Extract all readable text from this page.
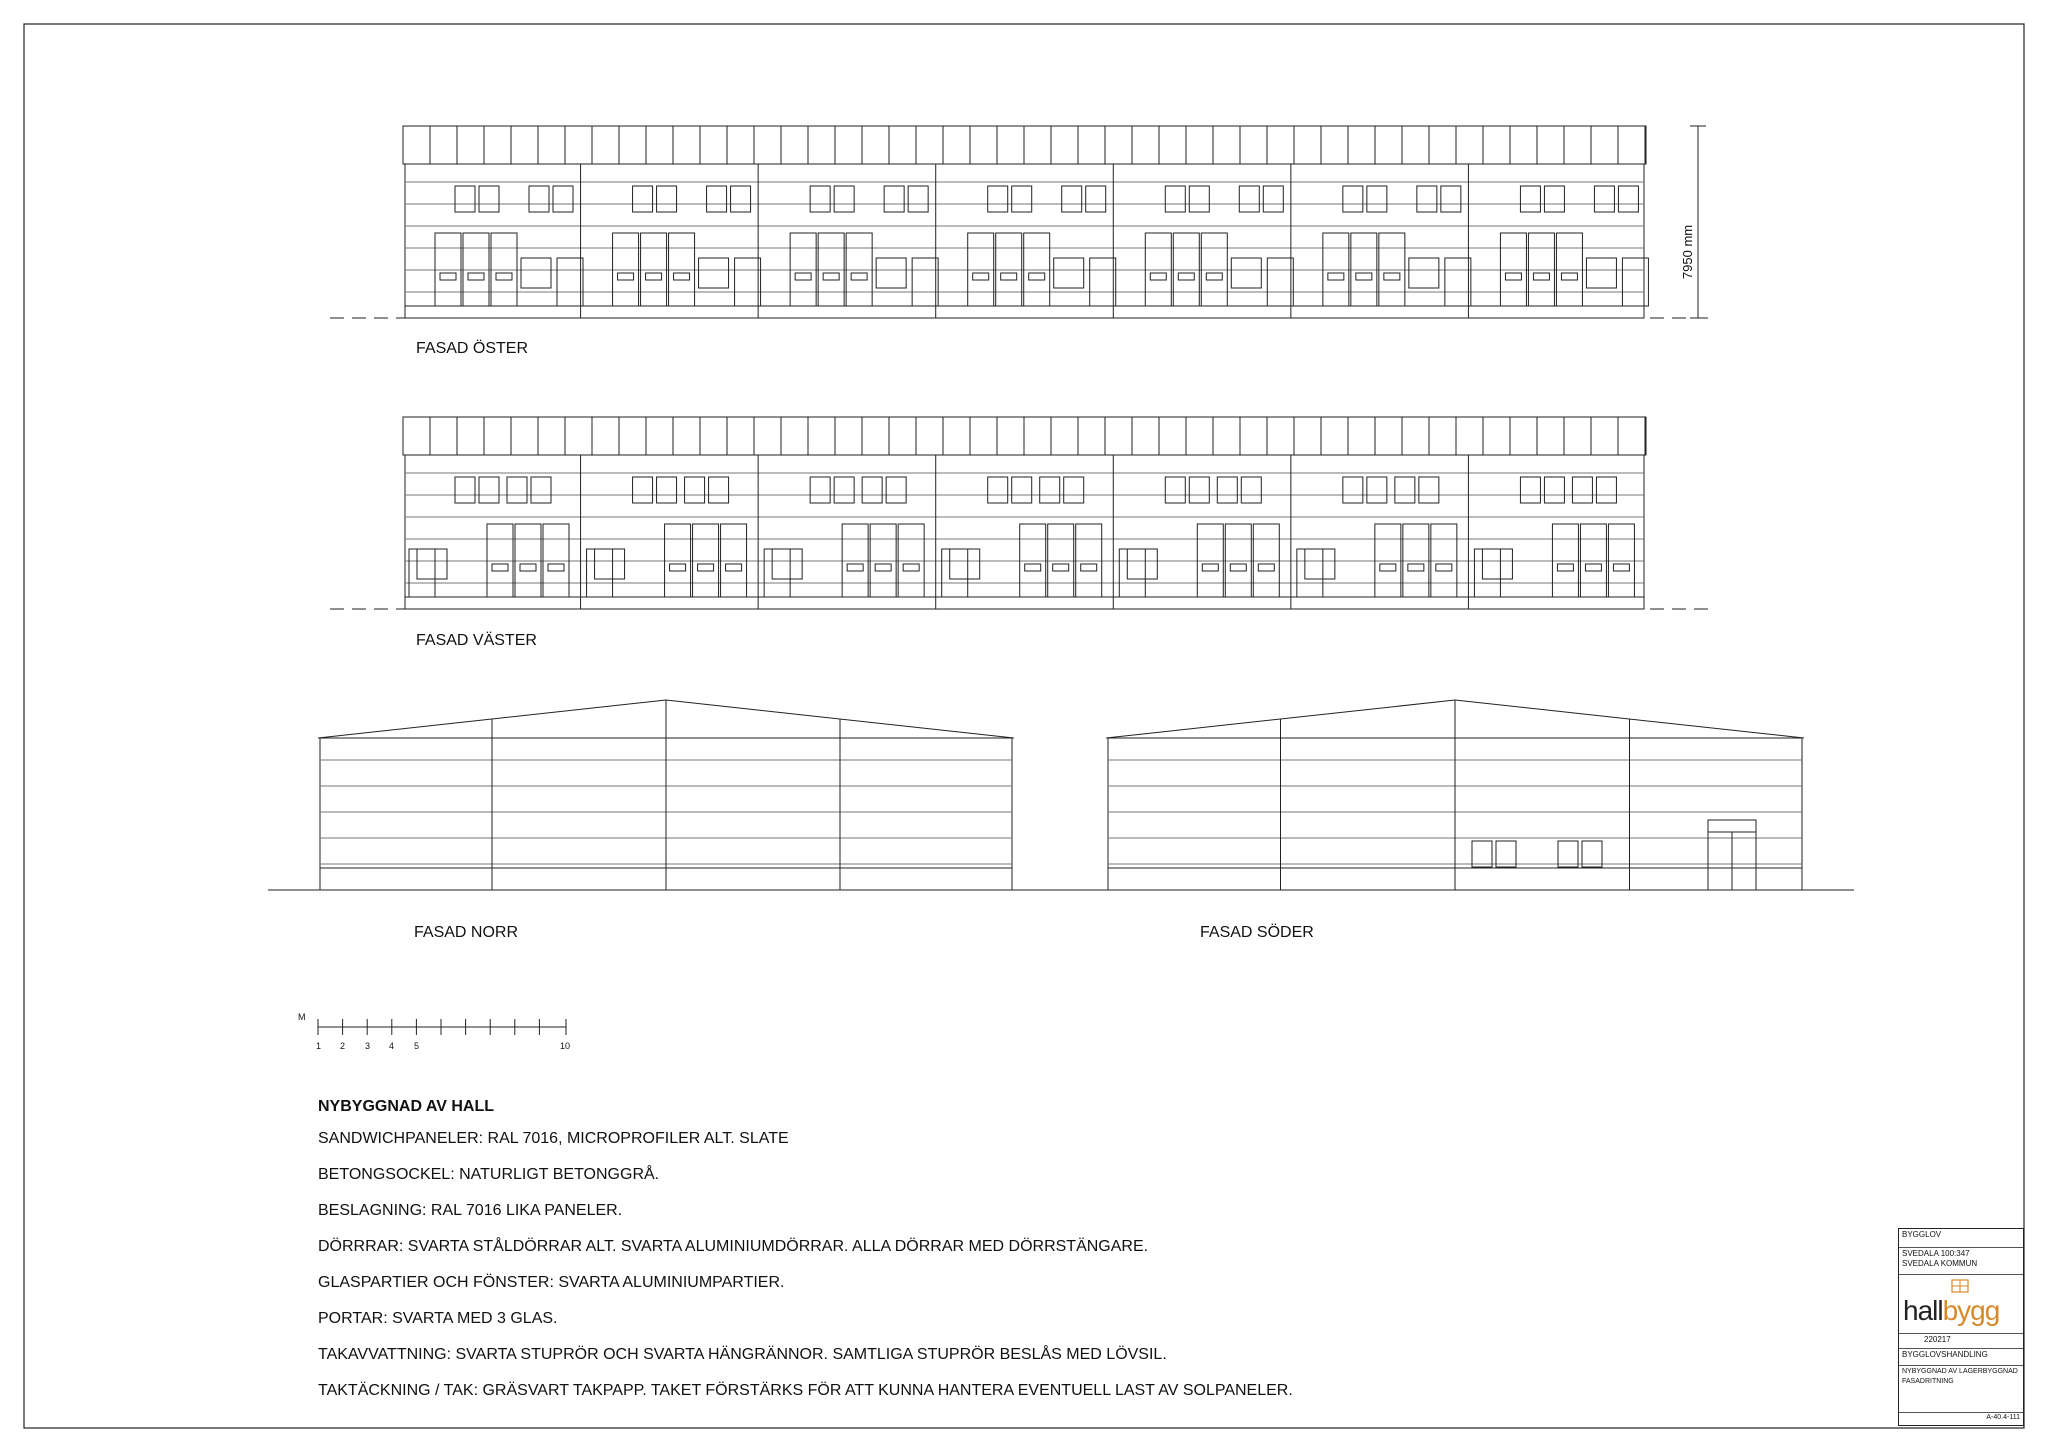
7950 mm
FASAD ÖSTER
FASAD VÄSTER
FASAD NORR	FASAD SÖDER
M
1 2 3 4 5	10
NYBYGGNAD AV HALL
SANDWICHPANELER: RAL 7016, MICROPROFILER ALT. SLATE
BETONGSOCKEL: NATURLIGT BETONGGRÅ.
BESLAGNING: RAL 7016 LIKA PANELER.
DÖRRRAR: SVARTA STÅLDÖRRAR ALT. SVARTA ALUMINIUMDÖRRAR. ALLA DÖRRAR MED DÖRRSTÄNGARE.
GLASPARTIER OCH FÖNSTER: SVARTA ALUMINIUMPARTIER.
PORTAR: SVARTA MED 3 GLAS.
TAKAVVATTNING: SVARTA STUPRÖR OCH SVARTA HÄNGRÄNNOR. SAMTLIGA STUPRÖR BESLÅS MED LÖVSIL.
TAKTÄCKNING / TAK: GRÄSVART TAKPAPP. TAKET FÖRSTÄRKS FÖR ATT KUNNA HANTERA EVENTUELL LAST AV SOLPANELER.
BYGGLOV
SVEDALA 100:347
SVEDALA KOMMUN
hallbygg
220217
BYGGLOVSHANDLING
NYBYGGNAD AV LAGERBYGGNAD
FASADRITNING
A-40.4-111
